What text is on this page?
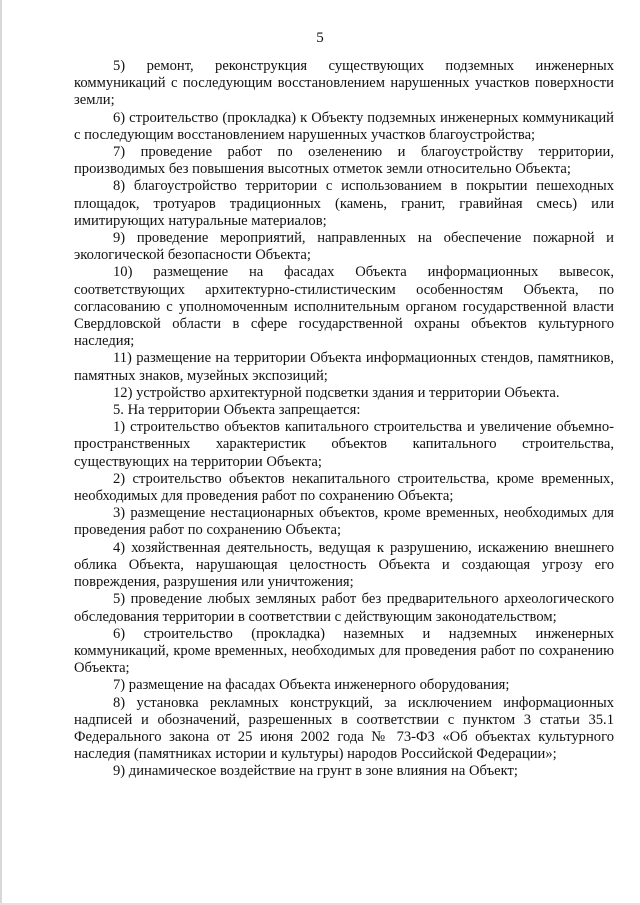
5

5) ремонт, реконструкция существующих подземных инженерных коммуникаций с последующим восстановлением нарушенных участков поверхности земли;

6) строительство (прокладка) к Объекту подземных инженерных коммуникаций с последующим восстановлением нарушенных участков благоустройства;

7) проведение работ по озеленению и благоустройству территории, производимых без повышения высотных отметок земли относительно Объекта;

8) благоустройство территории с использованием в покрытии пешеходных площадок, тротуаров традиционных (камень, гранит, гравийная смесь) или имитирующих натуральные материалов;

9) проведение мероприятий, направленных на обеспечение пожарной и экологической безопасности Объекта;

10) размещение на фасадах Объекта информационных вывесок, соответствующих архитектурно-стилистическим особенностям Объекта, по согласованию с уполномоченным исполнительным органом государственной власти Свердловской области в сфере государственной охраны объектов культурного наследия;

11) размещение на территории Объекта информационных стендов, памятников, памятных знаков, музейных экспозиций;

12) устройство архитектурной подсветки здания и территории Объекта.

5. На территории Объекта запрещается:

1) строительство объектов капитального строительства и увеличение объемно-пространственных характеристик объектов капитального строительства, существующих на территории Объекта;

2) строительство объектов некапитального строительства, кроме временных, необходимых для проведения работ по сохранению Объекта;

3) размещение нестационарных объектов, кроме временных, необходимых для проведения работ по сохранению Объекта;

4) хозяйственная деятельность, ведущая к разрушению, искажению внешнего облика Объекта, нарушающая целостность Объекта и создающая угрозу его повреждения, разрушения или уничтожения;

5) проведение любых земляных работ без предварительного археологического обследования территории в соответствии с действующим законодательством;

6) строительство (прокладка) наземных и надземных инженерных коммуникаций, кроме временных, необходимых для проведения работ по сохранению Объекта;

7) размещение на фасадах Объекта инженерного оборудования;

8) установка рекламных конструкций, за исключением информационных надписей и обозначений, разрешенных в соответствии с пунктом 3 статьи 35.1 Федерального закона от 25 июня 2002 года № 73-ФЗ «Об объектах культурного наследия (памятниках истории и культуры) народов Российской Федерации»;

9) динамическое воздействие на грунт в зоне влияния на Объект;
